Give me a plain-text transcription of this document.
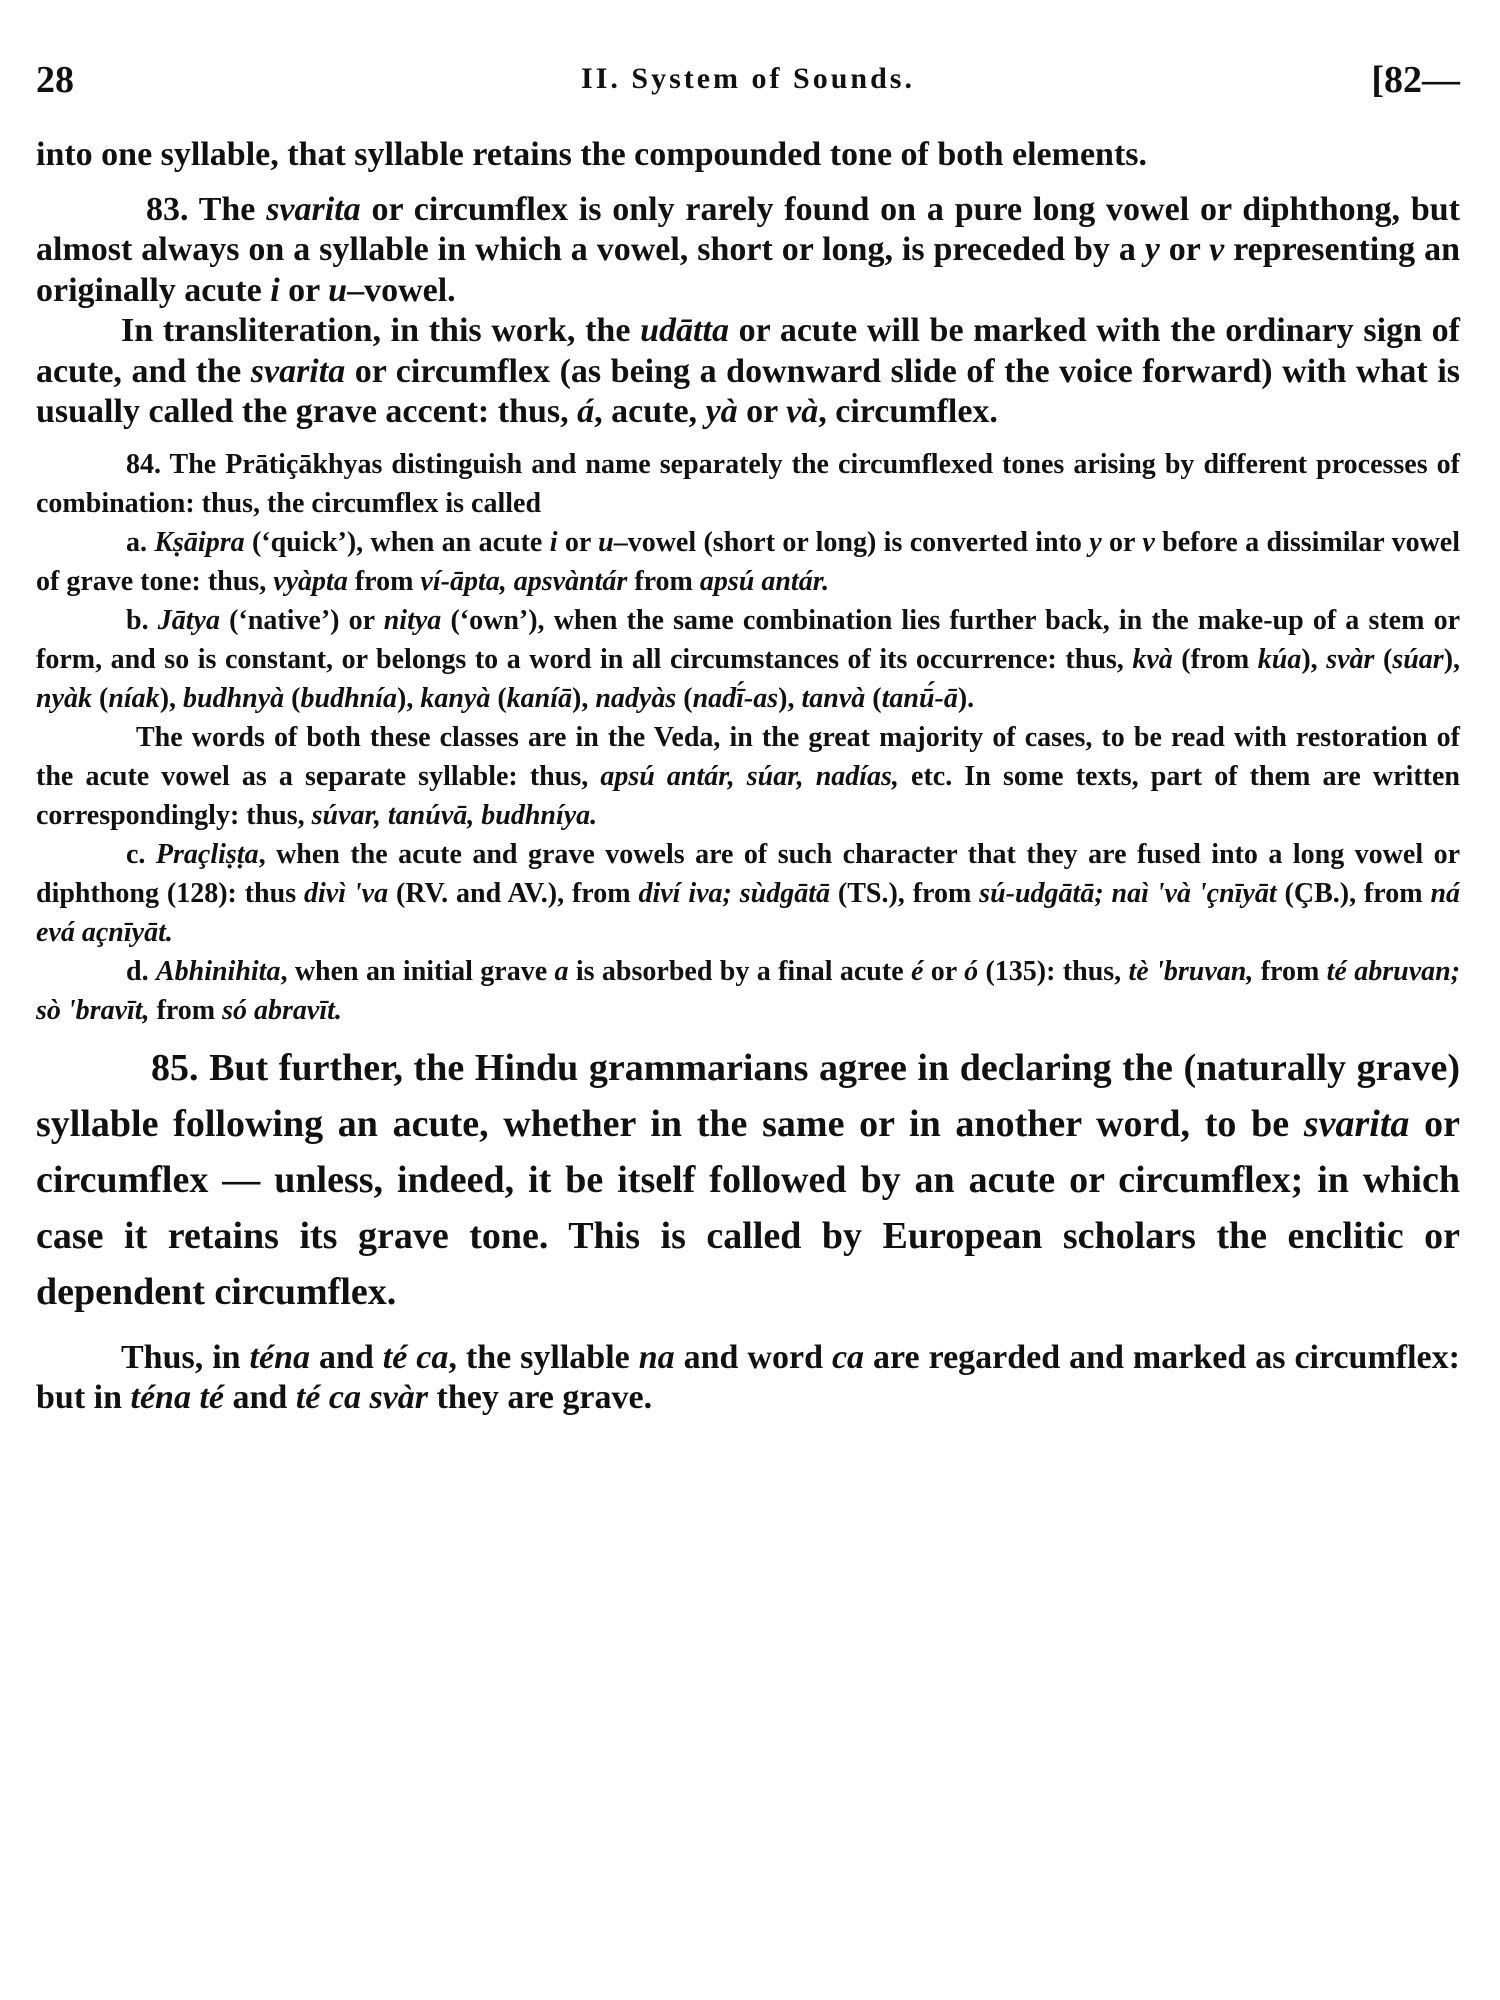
28	II. System of Sounds.	[82—

into one syllable, that syllable retains the compounded tone of both elements.

83. The svarita or circumflex is only rarely found on a pure long vowel or diphthong, but almost always on a syllable in which a vowel, short or long, is preceded by a y or v representing an originally acute i or u–vowel.

In transliteration, in this work, the udātta or acute will be marked with the ordinary sign of acute, and the svarita or circumflex (as being a downward slide of the voice forward) with what is usually called the grave accent: thus, á, acute, yà or và, circumflex.

84. The Prātiçākhyas distinguish and name separately the circumflexed tones arising by different processes of combination: thus, the circumflex is called

a. Kṣāipra (‘quick’), when an acute i or u–vowel (short or long) is converted into y or v before a dissimilar vowel of grave tone: thus, vyàpta from ví-āpta, apsvàntár from apsú antár.

b. Jātya (‘native’) or nitya (‘own’), when the same combination lies further back, in the make-up of a stem or form, and so is constant, or belongs to a word in all circumstances of its occurrence: thus, kvà (from kúa), svàr (súar), nyàk (níak), budhnyà (budhnía), kanyà (kaníā), nadyàs (nadī́-as), tanvà (tanū́-ā).

The words of both these classes are in the Veda, in the great majority of cases, to be read with restoration of the acute vowel as a separate syllable: thus, apsú antár, súar, nadías, etc. In some texts, part of them are written correspondingly: thus, súvar, tanúvā, budhníya.

c. Praçliṣṭa, when the acute and grave vowels are of such character that they are fused into a long vowel or diphthong (128): thus divì 'va (RV. and AV.), from diví iva; sùdgātā (TS.), from sú-udgātā; naì 'và 'çnīyāt (ÇB.), from ná evá açnīyāt.

d. Abhinihita, when an initial grave a is absorbed by a final acute é or ó (135): thus, tè 'bruvan, from té abruvan; sò 'bravīt, from só abravīt.

85. But further, the Hindu grammarians agree in declaring the (naturally grave) syllable following an acute, whether in the same or in another word, to be svarita or circumflex — unless, indeed, it be itself followed by an acute or circumflex; in which case it retains its grave tone. This is called by European scholars the enclitic or dependent circumflex.

Thus, in téna and té ca, the syllable na and word ca are regarded and marked as circumflex: but in téna té and té ca svàr they are grave.
